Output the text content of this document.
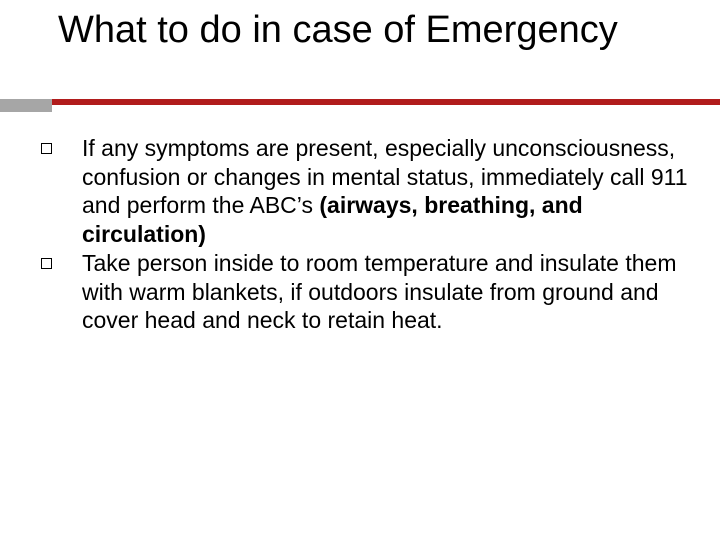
What to do in case of Emergency
If any symptoms are present, especially unconsciousness, confusion or changes in mental status, immediately call 911 and perform the ABC’s (airways, breathing, and circulation)
Take person inside to room temperature and insulate them with warm blankets, if outdoors insulate from ground and cover head and neck to retain heat.
